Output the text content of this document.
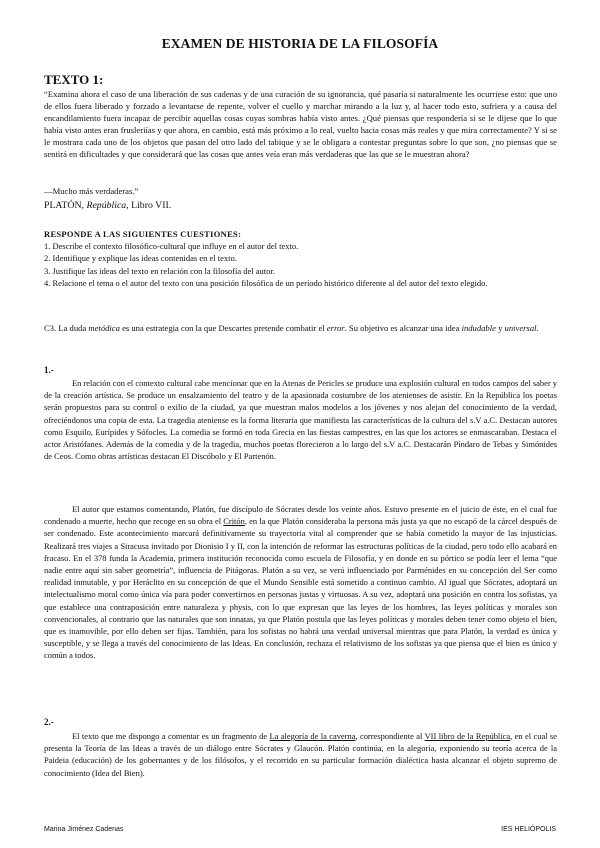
EXAMEN DE HISTORIA DE LA FILOSOFÍA
TEXTO 1:

“Examina ahora el caso de una liberación de sus cadenas y de una curación de su ignorancia, qué pasaría si naturalmente les ocurriese esto: que uno de ellos fuera liberado y forzado a levantarse de repente, volver el cuello y marchar mirando a la luz y, al hacer todo esto, sufriera y a causa del encandilamiento fuera incapaz de percibir aquellas cosas cuyas sombras había visto antes. ¿Qué piensas que respondería si se le dijese que lo que había visto antes eran frusleriías y que ahora, en cambio, está más próximo a lo real, vuelto hacia cosas más reales y que mira correctamente? Y si se le mostrara cada uno de los objetos que pasan del otro lado del tabique y se le obligara a contestar preguntas sobre lo que son, ¿no piensas que se sentirá en dificultades y que considerará que las cosas que antes veía eran más verdaderas que las que se le muestran ahora?

—Mucho más verdaderas.”
PLATÓN, República, Libro VII.
RESPONDE A LAS SIGUIENTES CUESTIONES:
1. Describe el contexto filosófico-cultural que influye en el autor del texto.
2. Identifique y explique las ideas contenidas en el texto.
3. Justifique las ideas del texto en relación con la filosofía del autor.
4. Relacione el tema o el autor del texto con una posición filosófica de un período histórico diferente al del autor del texto elegido.

C3. La duda metódica es una estrategia con la que Descartes pretende combatir el error. Su objetivo es alcanzar una idea indudable y universal.

1.-

En relación con el contexto cultural cabe mencionar que en la Atenas de Pericles se produce una explosión cultural en todos campos del saber y de la creación artística. Se produce un ensalzamiento del teatro y de la apasionada costumbre de los atenienses de asistir. En la República los poetas serán propuestos para su control o exilio de la ciudad, ya que muestran malos modelos a los jóvenes y nos alejan del conocimiento de la verdad, ofreciéndonos una copia de esta. La tragedia ateniense es la forma literaria que manifiesta las características de la cultura del s.V a.C. Destacan autores como Esquilo, Eurípides y Sófocles. La comedia se formó en toda Grecia en las fiestas campestres, en las que los actores se enmascaraban. Destaca el actor Aristófanes. Además de la comedia y de la tragedia, muchos poetas florecieron a lo largo del s.V a.C. Destacarán Píndaro de Tebas y Simónides de Ceos. Como obras artísticas destacan El Discóbolo y El Partenón.

El autor que estamos comentando, Platón, fue discípulo de Sócrates desde los veinte años. Estuvo presente en el juicio de éste, en el cual fue condenado a muerte, hecho que recoge en su obra el Critón, en la que Platón consideraba la persona más justa ya que no escapó de la cárcel después de ser condenado. Este acontecimiento marcará definitivamente su trayectoria vital al comprender que se había cometido la mayor de las injusticias. Realizará tres viajes a Siracusa invitado por Dionisio I y II, con la intención de reformar las estructuras políticas de la ciudad, pero todo ello acabará en fracaso. En el 378 funda la Academia, primera institución reconocida como escuela de Filosofía, y en donde en su pórtico se podía leer el lema “que nadie entre aquí sin saber geometría”, influencia de Pitágoras. Platón a su vez, se verá influenciado por Parménides en su concepción del Ser como realidad inmutable, y por Heráclito en su concepción de que el Mundo Sensible está sometido a continuo cambio. Al igual que Sócrates, adoptará un intelectualismo moral como única vía para poder convertirnos en personas justas y virtuosas. A su vez, adoptará una posición en contra los sofistas, ya que establece una contraposición entre naturaleza y physis, con lo que expresan que las leyes de los hombres, las leyes políticas y morales son convencionales, al contrario que las naturales que son innatas, ya que Platón postula que las leyes políticas y morales deben tener como objeto el bien, que es inamovible, por ello deben ser fijas. También, para los sofistas no habrá una verdad universal mientras que para Platón, la verdad es única y susceptible, y se llega a través del conocimiento de las Ideas. En conclusión, rechaza el relativismo de los sofistas ya que piensa que el bien es único y común a todos.

2.-

El texto que me dispongo a comentar es un fragmento de La alegoría de la caverna, correspondiente al VII libro de la República, en el cual se presenta la Teoría de las Ideas a través de un diálogo entre Sócrates y Glaucón. Platón continúa, en la alegoría, exponiendo su teoría acerca de la Paideia (educación) de los gobernantes y de los filósofos, y el recorrido en su particular formación dialéctica hasta alcanzar el objeto supremo de conocimiento (Idea del Bien).

Marina Jiménez Cadenas	IES HELIÓPOLIS
